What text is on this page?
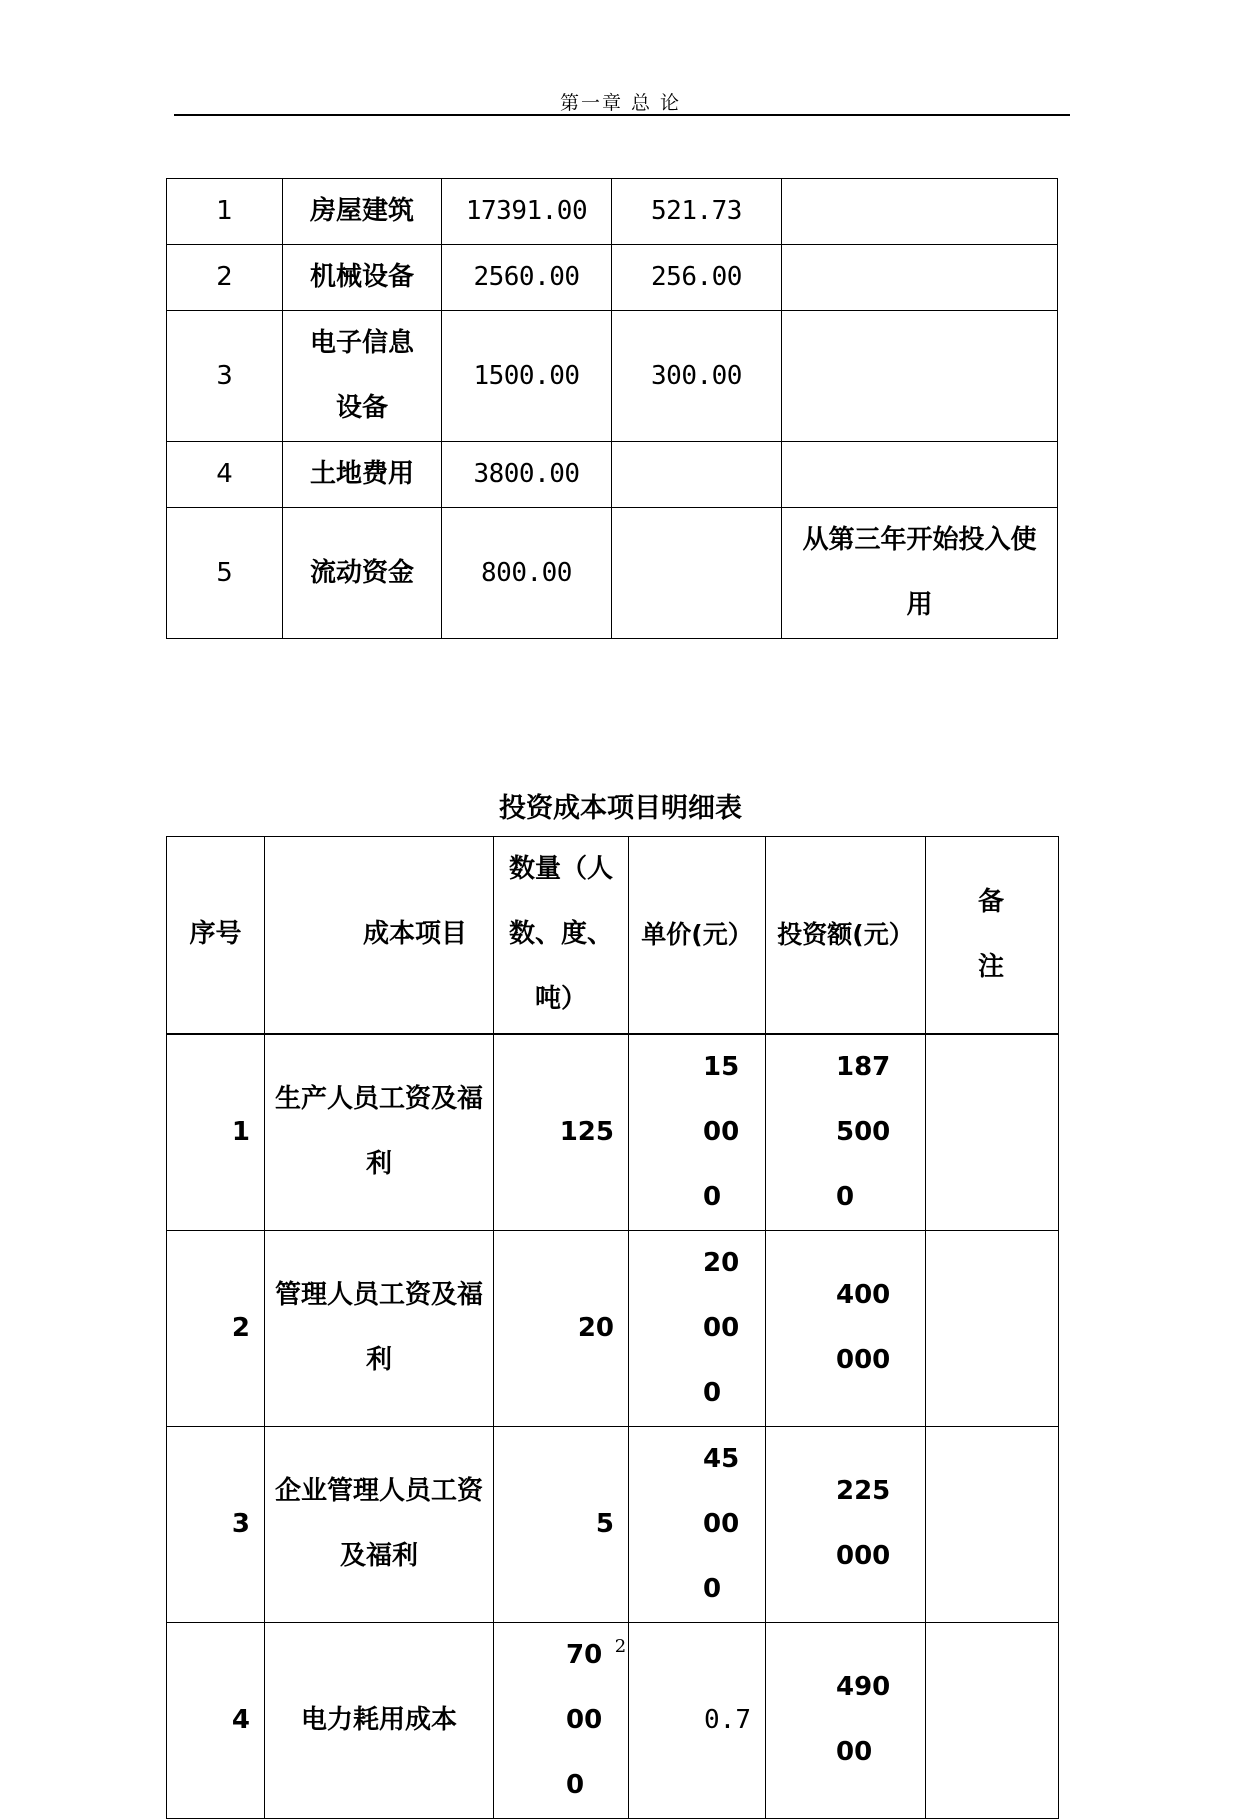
第一章 总 论
1	房屋建筑	17391.00	521.73	
2	机械设备	2560.00	256.00	
3	电子信息设备	1500.00	300.00	
4	土地费用	3800.00		
5	流动资金	800.00		从第三年开始投入使用
投资成本项目明细表
序号	成本项目	数量（人数、度、吨）	单价(元）	投资额(元）	备注
1	生产人员工资及福利	125	15000	1875000	
2	管理人员工资及福利	20	20000	400000	
3	企业管理人员工资及福利	5	45000	225000	
4	电力耗用成本	70000	0.7	49000	
2
